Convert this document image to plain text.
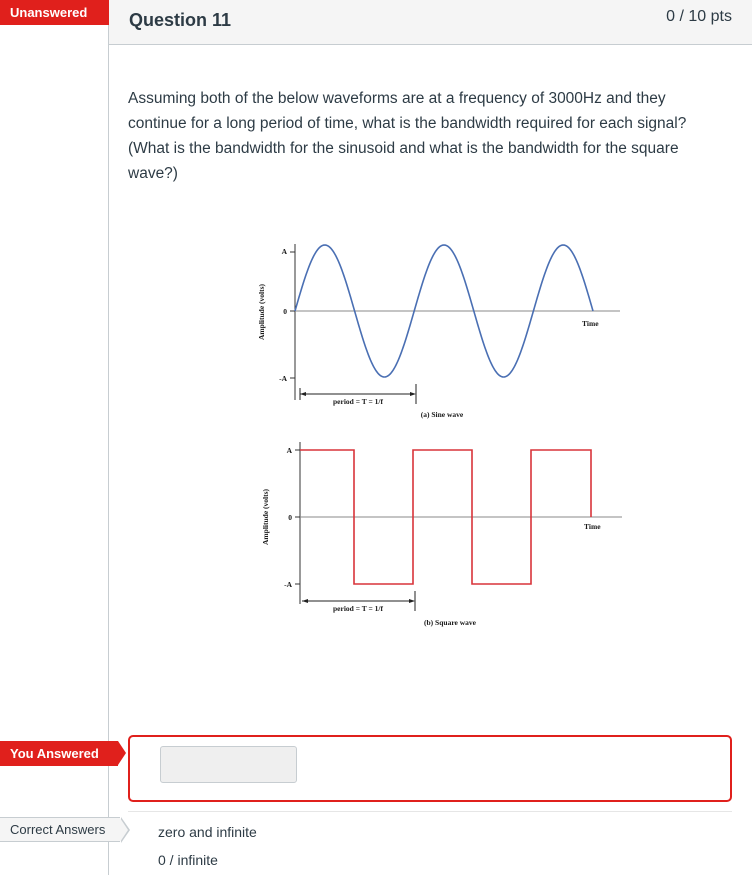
Unanswered	Question 11	0 / 10 pts
Assuming both of the below waveforms are at a frequency of 3000Hz and they continue for a long period of time, what is the bandwidth required for each signal? (What is the bandwidth for the sinusoid and what is the bandwidth for the square wave?)
Amplitude (volts)
A
0
-A
Time
period = T = 1/f
(a) Sine wave
Amplitude (volts)
A
0
-A
Time
period = T = 1/f
(b) Square wave
You Answered
Correct Answers	zero and infinite
0 / infinite
